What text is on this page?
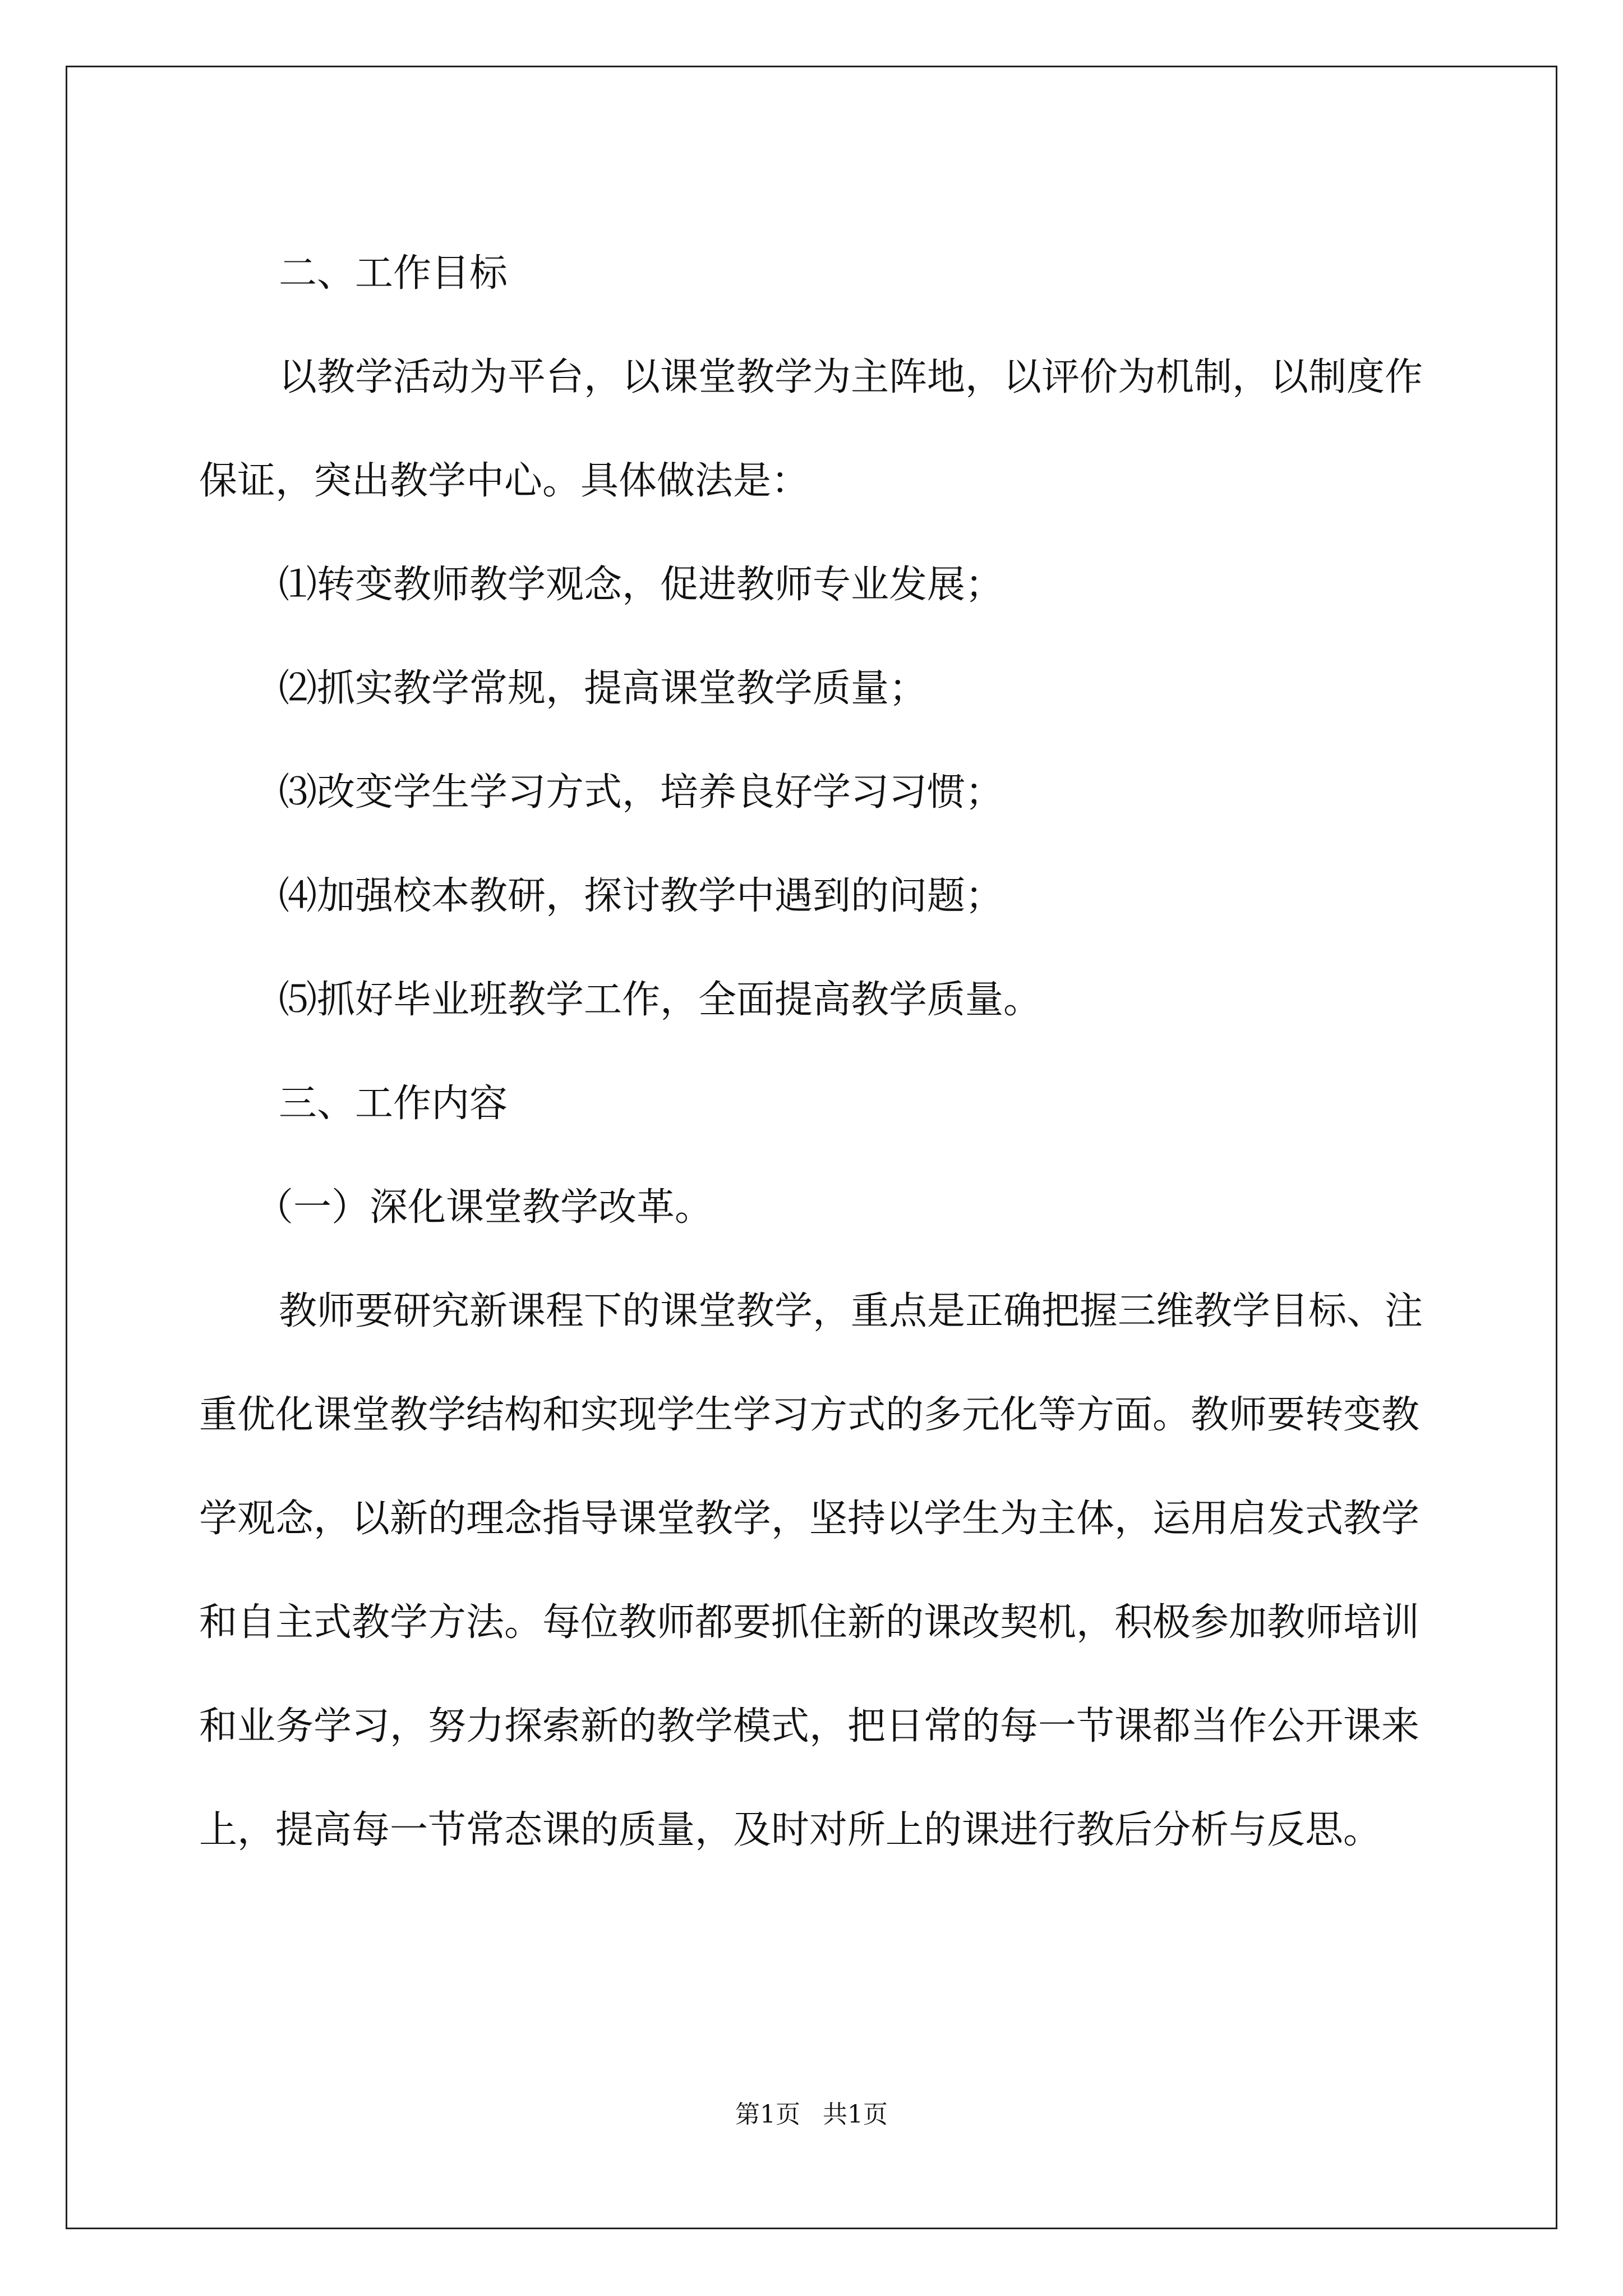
二、工作目标

以教学活动为平台，以课堂教学为主阵地，以评价为机制，以制度作保证，突出教学中心。具体做法是：

⑴转变教师教学观念，促进教师专业发展；

⑵抓实教学常规，提高课堂教学质量；

⑶改变学生学习方式，培养良好学习习惯；

⑷加强校本教研，探讨教学中遇到的问题；

⑸抓好毕业班教学工作，全面提高教学质量。

三、工作内容

（一）深化课堂教学改革。

教师要研究新课程下的课堂教学，重点是正确把握三维教学目标、注重优化课堂教学结构和实现学生学习方式的多元化等方面。教师要转变教学观念，以新的理念指导课堂教学，坚持以学生为主体，运用启发式教学和自主式教学方法。每位教师都要抓住新的课改契机，积极参加教师培训和业务学习，努力探索新的教学模式，把日常的每一节课都当作公开课来上，提高每一节常态课的质量，及时对所上的课进行教后分析与反思。

第1页 共1页
